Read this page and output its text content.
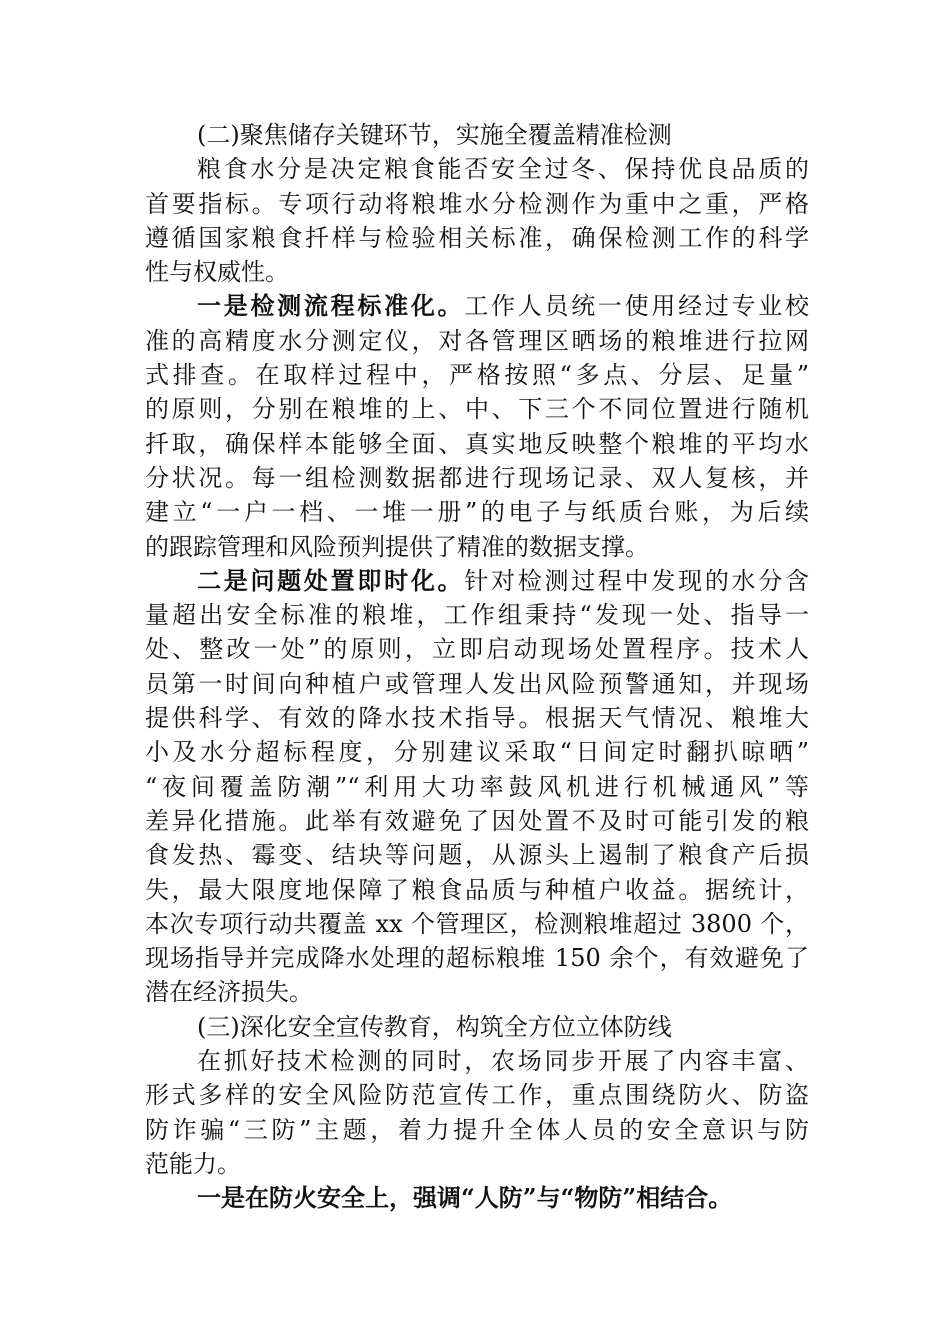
(二)聚焦储存关键环节，实施全覆盖精准检测
粮食水分是决定粮食能否安全过冬、保持优良品质的
首要指标。专项行动将粮堆水分检测作为重中之重，严格
遵循国家粮食扦样与检验相关标准，确保检测工作的科学
性与权威性。
一是检测流程标准化。工作人员统一使用经过专业校
准的高精度水分测定仪，对各管理区晒场的粮堆进行拉网
式排查。在取样过程中，严格按照“多点、分层、足量”
的原则，分别在粮堆的上、中、下三个不同位置进行随机
扦取，确保样本能够全面、真实地反映整个粮堆的平均水
分状况。每一组检测数据都进行现场记录、双人复核，并
建立“一户一档、一堆一册”的电子与纸质台账，为后续
的跟踪管理和风险预判提供了精准的数据支撑。
二是问题处置即时化。针对检测过程中发现的水分含
量超出安全标准的粮堆，工作组秉持“发现一处、指导一
处、整改一处”的原则，立即启动现场处置程序。技术人
员第一时间向种植户或管理人发出风险预警通知，并现场
提供科学、有效的降水技术指导。根据天气情况、粮堆大
小及水分超标程度，分别建议采取“日间定时翻扒晾晒”
“夜间覆盖防潮”“利用大功率鼓风机进行机械通风”等
差异化措施。此举有效避免了因处置不及时可能引发的粮
食发热、霉变、结块等问题，从源头上遏制了粮食产后损
失，最大限度地保障了粮食品质与种植户收益。据统计，
本次专项行动共覆盖 xx 个管理区，检测粮堆超过 3800 个，
现场指导并完成降水处理的超标粮堆 150 余个，有效避免了
潜在经济损失。
(三)深化安全宣传教育，构筑全方位立体防线
在抓好技术检测的同时，农场同步开展了内容丰富、
形式多样的安全风险防范宣传工作，重点围绕防火、防盗
防诈骗“三防”主题，着力提升全体人员的安全意识与防
范能力。
一是在防火安全上，强调“人防”与“物防”相结合。
